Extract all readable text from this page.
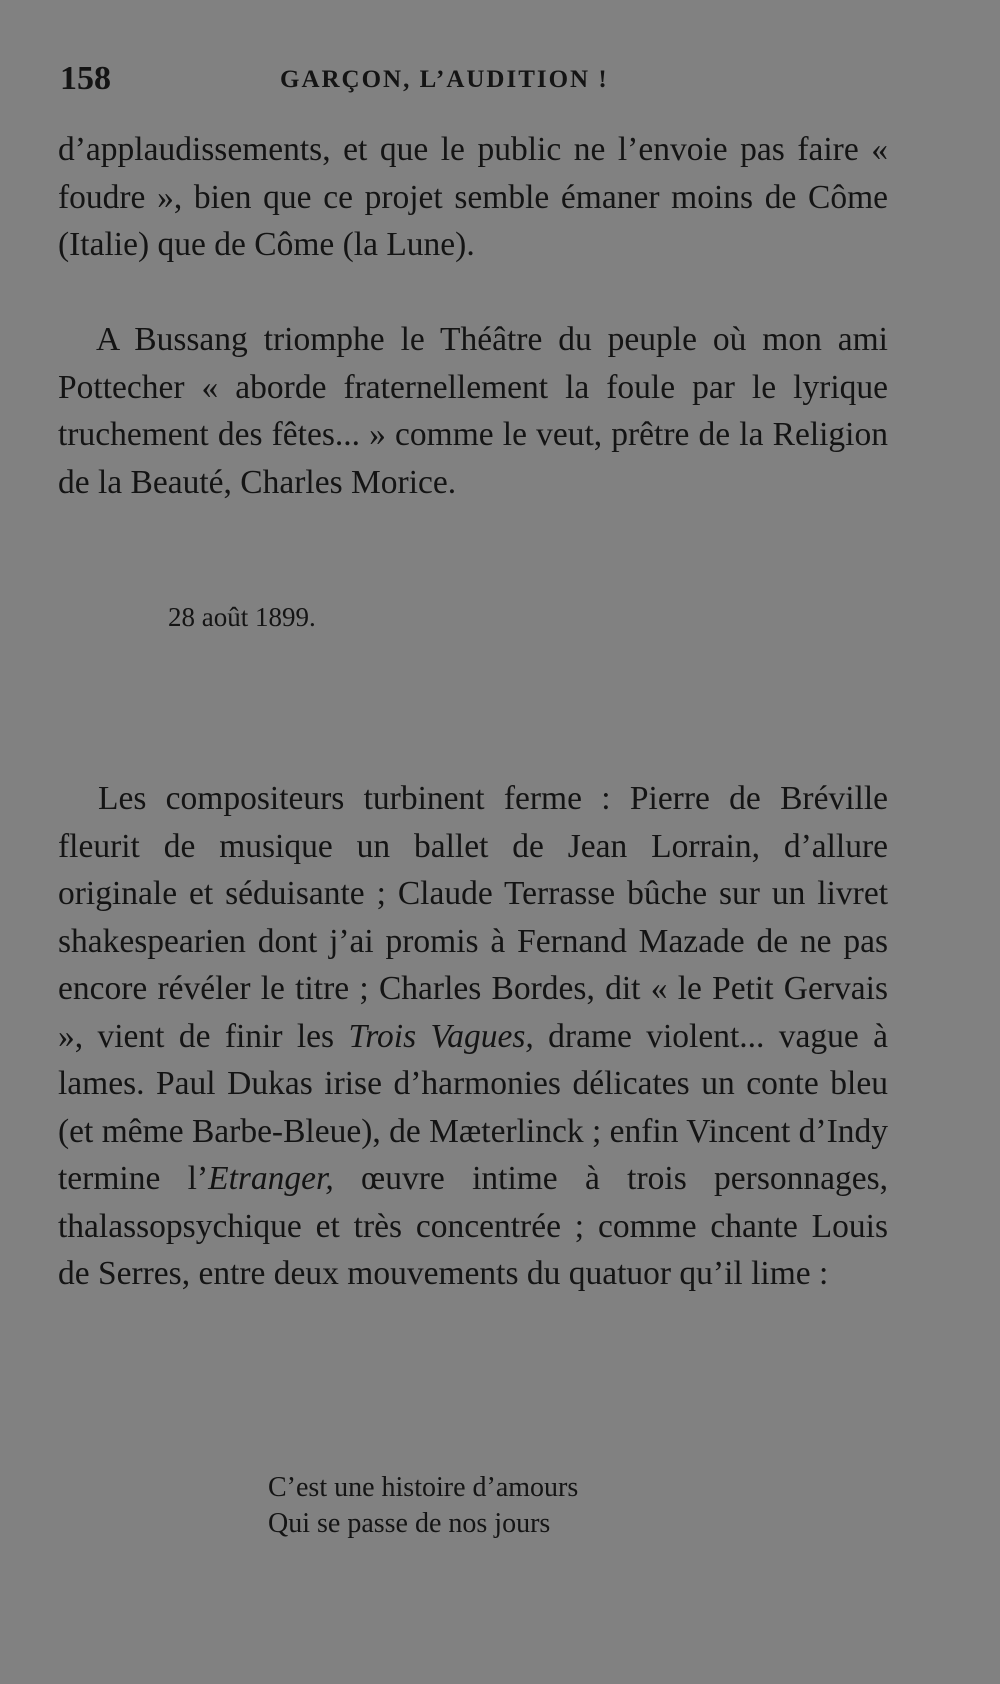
158	GARÇON, L’AUDITION !

d’applaudissements, et que le public ne l’envoie pas faire « foudre », bien que ce projet semble émaner moins de Côme (Italie) que de Côme (la Lune).

A Bussang triomphe le Théâtre du peuple où mon ami Pottecher « aborde fraternellement la foule par le lyrique truchement des fêtes... » comme le veut, prêtre de la Religion de la Beauté, Charles Morice.

28 août 1899.

Les compositeurs turbinent ferme : Pierre de Bréville fleurit de musique un ballet de Jean Lorrain, d’allure originale et séduisante ; Claude Terrasse bûche sur un livret shakespearien dont j’ai promis à Fernand Mazade de ne pas encore révéler le titre ; Charles Bordes, dit « le Petit Gervais », vient de finir les Trois Vagues, drame violent... vague à lames. Paul Dukas irise d’harmonies délicates un conte bleu (et même Barbe-Bleue), de Mæterlinck ; enfin Vincent d’Indy termine l’Etranger, œuvre intime à trois personnages, thalassopsychique et très concentrée ; comme chante Louis de Serres, entre deux mouvements du quatuor qu’il lime :

C’est une histoire d’amours
Qui se passe de nos jours
